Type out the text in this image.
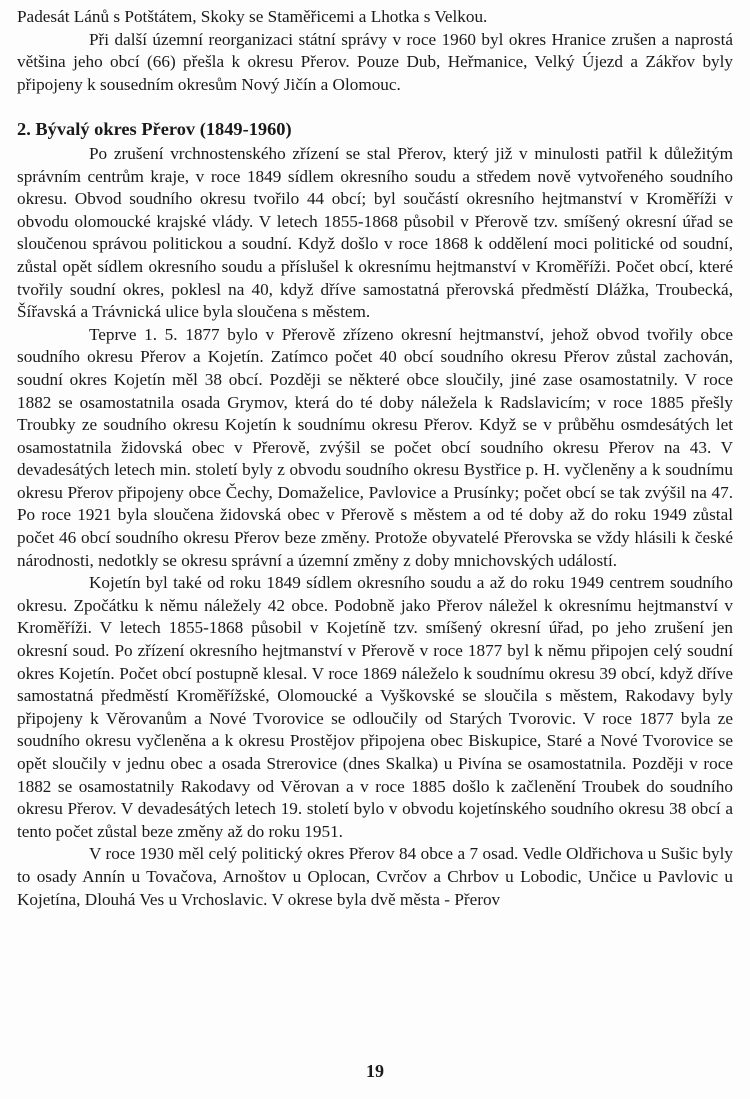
Padesát Lánů s Potštátem, Skoky se Staměřicemi a Lhotka s Velkou.

Při další územní reorganizaci státní správy v roce 1960 byl okres Hranice zrušen a naprostá většina jeho obcí (66) přešla k okresu Přerov. Pouze Dub, Heřmanice, Velký Újezd a Zákřov byly připojeny k sousedním okresům Nový Jičín a Olomouc.

2. Bývalý okres Přerov (1849-1960)

Po zrušení vrchnostenského zřízení se stal Přerov, který již v minulosti patřil k důležitým správním centrům kraje, v roce 1849 sídlem okresního soudu a středem nově vytvořeného soudního okresu. Obvod soudního okresu tvořilo 44 obcí; byl součástí okresního hejtmanství v Kroměříži v obvodu olomoucké krajské vlády. V letech 1855-1868 působil v Přerově tzv. smíšený okresní úřad se sloučenou správou politickou a soudní. Když došlo v roce 1868 k oddělení moci politické od soudní, zůstal opět sídlem okresního soudu a příslušel k okresnímu hejtmanství v Kroměříži. Počet obcí, které tvořily soudní okres, poklesl na 40, když dříve samostatná přerovská předměstí Dlážka, Troubecká, Šířavská a Trávnická ulice byla sloučena s městem.

Teprve 1. 5. 1877 bylo v Přerově zřízeno okresní hejtmanství, jehož obvod tvořily obce soudního okresu Přerov a Kojetín. Zatímco počet 40 obcí soudního okresu Přerov zůstal zachován, soudní okres Kojetín měl 38 obcí. Později se některé obce sloučily, jiné zase osamostatnily. V roce 1882 se osamostatnila osada Grymov, která do té doby náležela k Radslavicím; v roce 1885 přešly Troubky ze soudního okresu Kojetín k soudnímu okresu Přerov. Když se v průběhu osmdesátých let osamostatnila židovská obec v Přerově, zvýšil se počet obcí soudního okresu Přerov na 43. V devadesátých letech min. století byly z obvodu soudního okresu Bystřice p. H. vyčleněny a k soudnímu okresu Přerov připojeny obce Čechy, Domaželice, Pavlovice a Prusínky; počet obcí se tak zvýšil na 47. Po roce 1921 byla sloučena židovská obec v Přerově s městem a od té doby až do roku 1949 zůstal počet 46 obcí soudního okresu Přerov beze změny. Protože obyvatelé Přerovska se vždy hlásili k české národnosti, nedotkly se okresu správní a územní změny z doby mnichovských událostí.

Kojetín byl také od roku 1849 sídlem okresního soudu a až do roku 1949 centrem soudního okresu. Zpočátku k němu náležely 42 obce. Podobně jako Přerov náležel k okresnímu hejtmanství v Kroměříži. V letech 1855-1868 působil v Kojetíně tzv. smíšený okresní úřad, po jeho zrušení jen okresní soud. Po zřízení okresního hejtmanství v Přerově v roce 1877 byl k němu připojen celý soudní okres Kojetín. Počet obcí postupně klesal. V roce 1869 náleželo k soudnímu okresu 39 obcí, když dříve samostatná předměstí Kroměřížské, Olomoucké a Vyškovské se sloučila s městem, Rakodavy byly připojeny k Věrovanům a Nové Tvorovice se odloučily od Starých Tvorovic. V roce 1877 byla ze soudního okresu vyčleněna a k okresu Prostějov připojena obec Biskupice, Staré a Nové Tvorovice se opět sloučily v jednu obec a osada Strerovice (dnes Skalka) u Pivína se osamostatnila. Později v roce 1882 se osamostatnily Rakodavy od Věrovan a v roce 1885 došlo k začlenění Troubek do soudního okresu Přerov. V devadesátých letech 19. století bylo v obvodu kojetínského soudního okresu 38 obcí a tento počet zůstal beze změny až do roku 1951.

V roce 1930 měl celý politický okres Přerov 84 obce a 7 osad. Vedle Oldřichova u Sušic byly to osady Annín u Tovačova, Arnoštov u Oplocan, Cvrčov a Chrbov u Lobodic, Unčice u Pavlovic u Kojetína, Dlouhá Ves u Vrchoslavic. V okrese byla dvě města - Přerov

19
